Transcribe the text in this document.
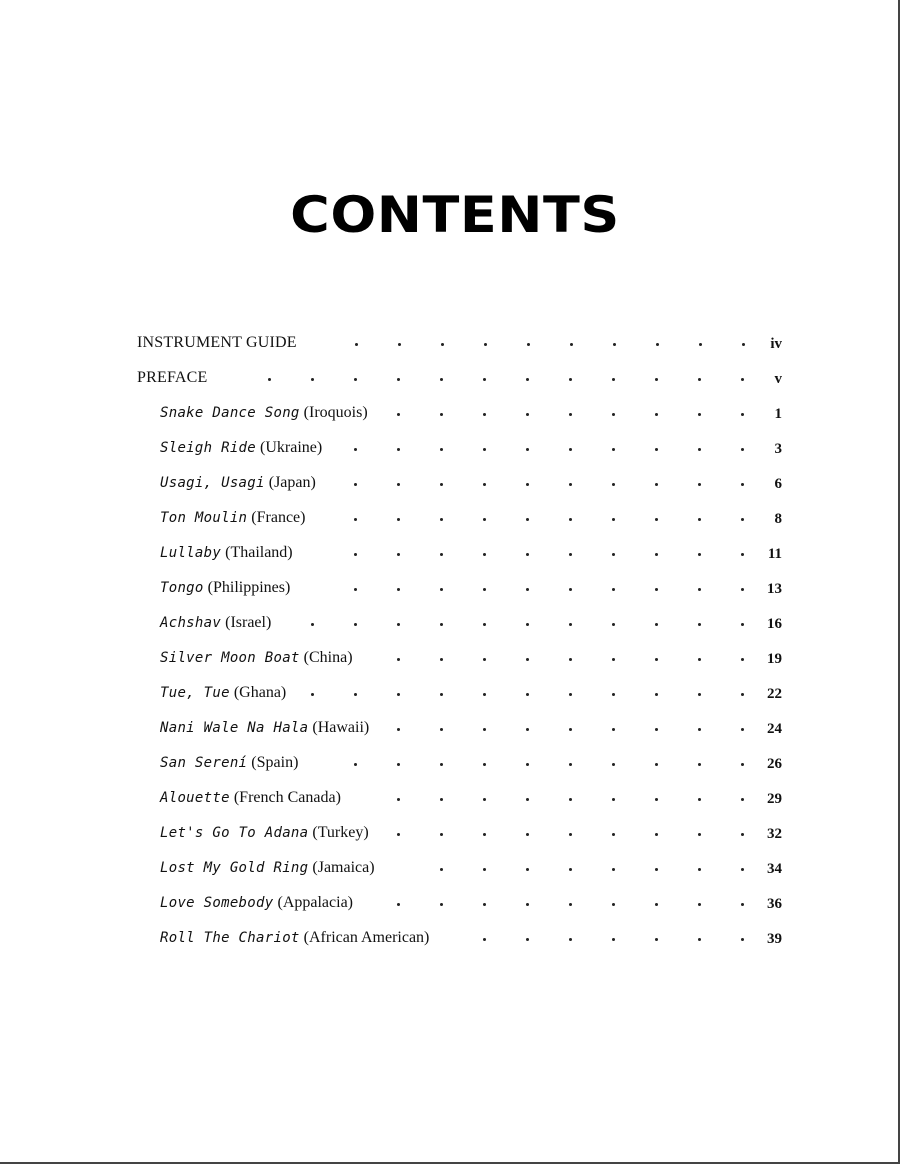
CONTENTS
INSTRUMENT GUIDE	iv
PREFACE	v
Snake Dance Song (Iroquois)	1
Sleigh Ride (Ukraine)	3
Usagi, Usagi (Japan)	6
Ton Moulin (France)	8
Lullaby (Thailand)	11
Tongo (Philippines)	13
Achshav (Israel)	16
Silver Moon Boat (China)	19
Tue, Tue (Ghana)	22
Nani Wale Na Hala (Hawaii)	24
San Serení (Spain)	26
Alouette (French Canada)	29
Let's Go To Adana (Turkey)	32
Lost My Gold Ring (Jamaica)	34
Love Somebody (Appalacia)	36
Roll The Chariot (African American)	39
